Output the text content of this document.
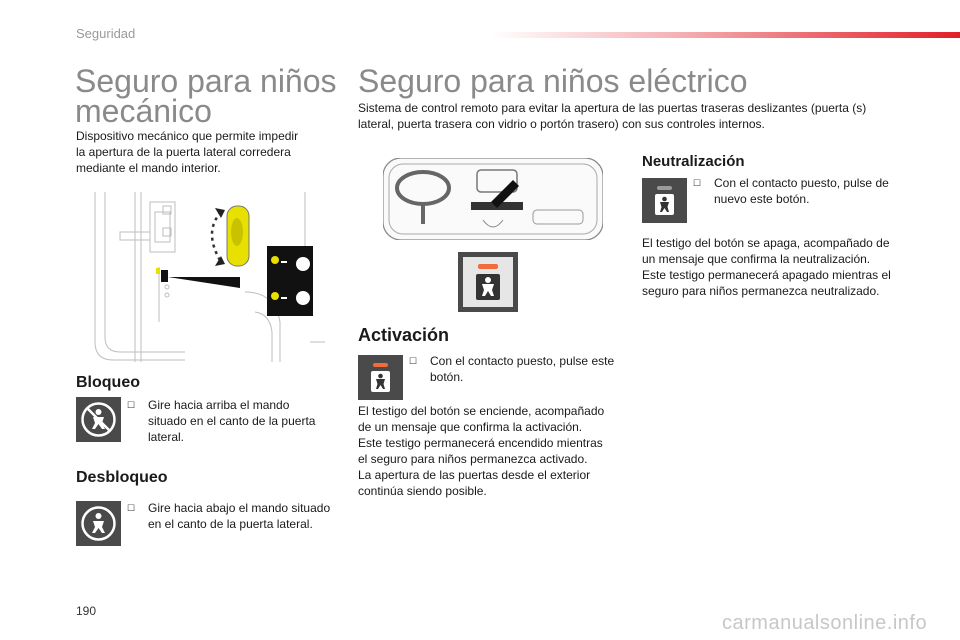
Seguridad
Seguro para niños
mecánico
Dispositivo mecánico que permite impedir
la apertura de la puerta lateral corredera
mediante el mando interior.
Bloqueo
☐ Gire hacia arriba el mando
situado en el canto de la puerta
lateral.
Desbloqueo
☐ Gire hacia abajo el mando situado
en el canto de la puerta lateral.
Seguro para niños eléctrico
Sistema de control remoto para evitar la apertura de las puertas traseras deslizantes (puerta (s)
lateral, puerta trasera con vidrio o portón trasero) con sus controles internos.
Activación
☐ Con el contacto puesto, pulse este
botón.
El testigo del botón se enciende, acompañado
de un mensaje que confirma la activación.
Este testigo permanecerá encendido mientras
el seguro para niños permanezca activado.
La apertura de las puertas desde el exterior
continúa siendo posible.
Neutralización
☐ Con el contacto puesto, pulse de
nuevo este botón.
El testigo del botón se apaga, acompañado de
un mensaje que confirma la neutralización.
Este testigo permanecerá apagado mientras el
seguro para niños permanezca neutralizado.
190
carmanualsonline.info
